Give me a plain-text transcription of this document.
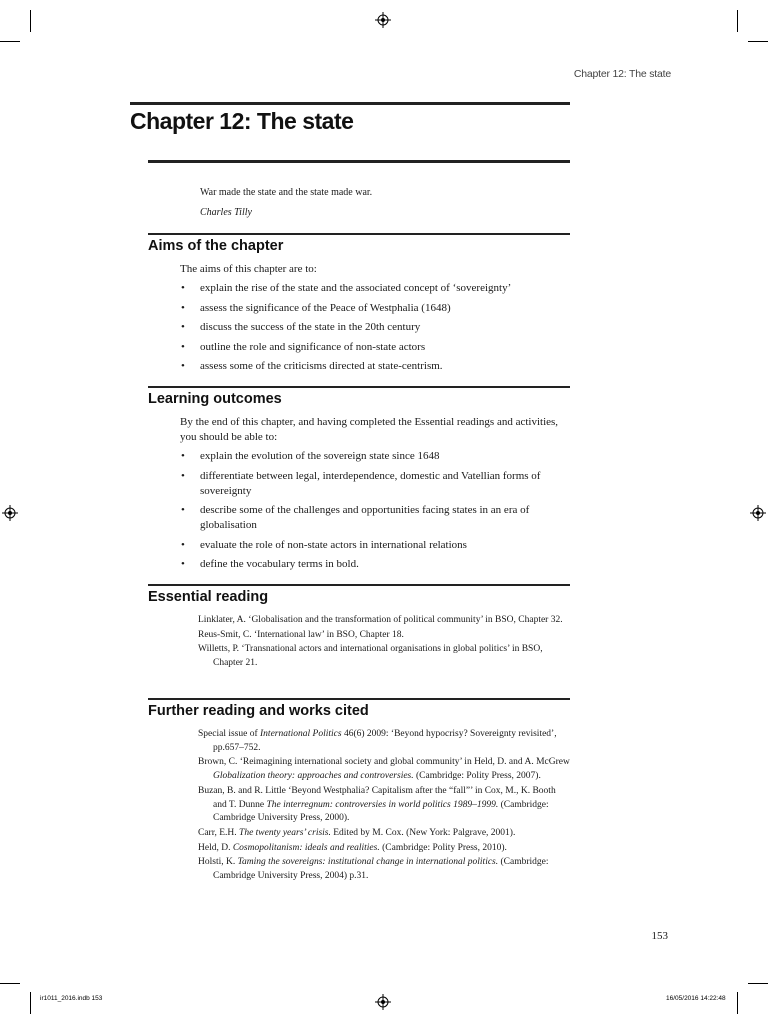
Chapter 12: The state
Chapter 12: The state
War made the state and the state made war.
Charles Tilly
Aims of the chapter

The aims of this chapter are to:

• explain the rise of the state and the associated concept of ‘sovereignty’
• assess the significance of the Peace of Westphalia (1648)
• discuss the success of the state in the 20th century
• outline the role and significance of non-state actors
• assess some of the criticisms directed at state-centrism.
Learning outcomes

By the end of this chapter, and having completed the Essential readings and activities, you should be able to:

• explain the evolution of the sovereign state since 1648
• differentiate between legal, interdependence, domestic and Vatellian forms of sovereignty
• describe some of the challenges and opportunities facing states in an era of globalisation
• evaluate the role of non-state actors in international relations
• define the vocabulary terms in bold.
Essential reading

Linklater, A. ‘Globalisation and the transformation of political community’ in BSO, Chapter 32.

Reus-Smit, C. ‘International law’ in BSO, Chapter 18.

Willetts, P. ‘Transnational actors and international organisations in global politics’ in BSO, Chapter 21.

Further reading and works cited

Special issue of International Politics 46(6) 2009: ‘Beyond hypocrisy? Sovereignty revisited’, pp.657–752.

Brown, C. ‘Reimagining international society and global community’ in Held, D. and A. McGrew Globalization theory: approaches and controversies. (Cambridge: Polity Press, 2007).

Buzan, B. and R. Little ‘Beyond Westphalia? Capitalism after the “fall”’ in Cox, M., K. Booth and T. Dunne The interregnum: controversies in world politics 1989–1999. (Cambridge: Cambridge University Press, 2000).

Carr, E.H. The twenty years’ crisis. Edited by M. Cox. (New York: Palgrave, 2001).

Held, D. Cosmopolitanism: ideals and realities. (Cambridge: Polity Press, 2010).

Holsti, K. Taming the sovereigns: institutional change in international politics. (Cambridge: Cambridge University Press, 2004) p.31.

153
ir1011_2016.indb 153	16/05/2016 14:22:48
